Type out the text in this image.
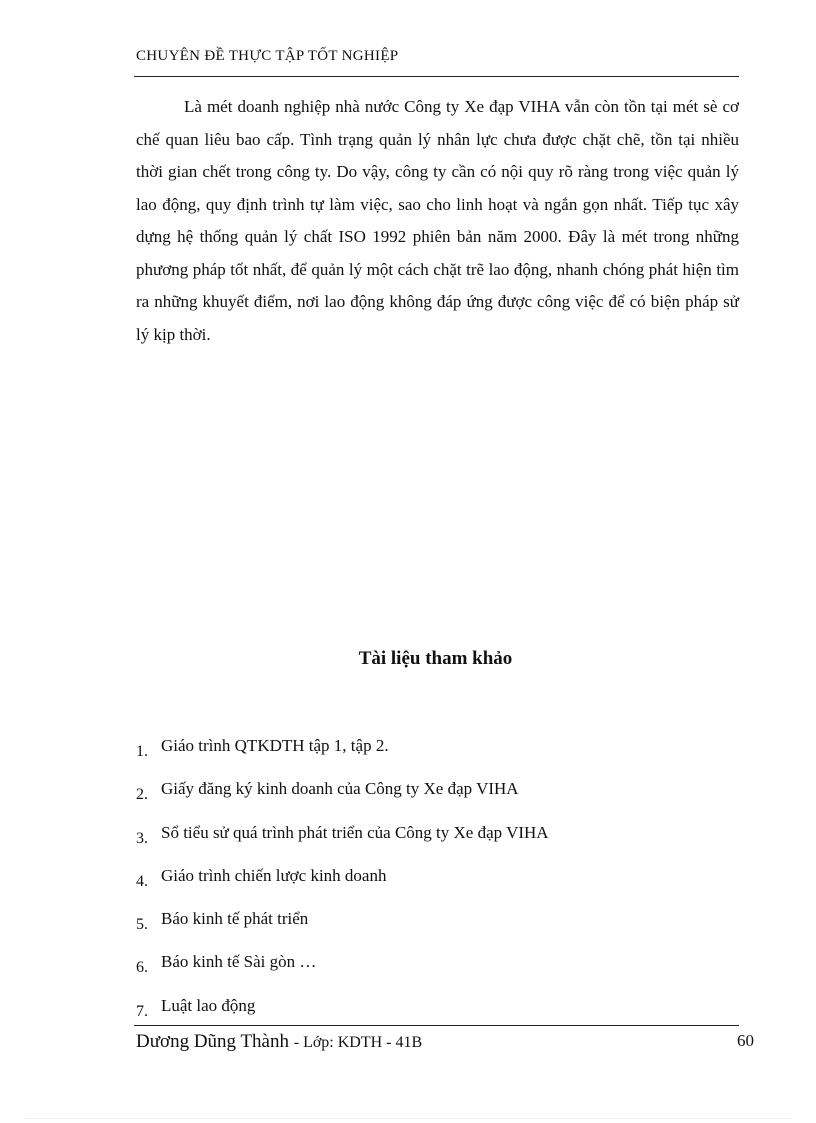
CHUYÊN ĐỀ THỰC TẬP TỐT NGHIỆP

Là mét doanh nghiệp nhà nước Công ty Xe đạp VIHA vẫn còn tồn tại mét sè cơ chế quan liêu bao cấp. Tình trạng quản lý nhân lực chưa được chặt chẽ, tồn tại nhiều thời gian chết trong công ty. Do vậy, công ty cần có nội quy rõ ràng trong việc quản lý lao động, quy định trình tự làm việc, sao cho linh hoạt và ngắn gọn nhất. Tiếp tục xây dựng hệ thống quản lý chất ISO 1992 phiên bản năm 2000. Đây là mét trong những phương pháp tốt nhất, để quản lý một cách chặt trẽ lao động, nhanh chóng phát hiện tìm ra những khuyết điểm, nơi lao động không đáp ứng được công việc để có biện pháp sử lý kịp thời.

Tài liệu tham khảo
1. Giáo trình QTKDTH tập 1, tập 2.
2. Giấy đăng ký kinh doanh của Công ty Xe đạp VIHA
3. Sổ tiểu sử quá trình phát triển của Công ty Xe đạp VIHA
4. Giáo trình chiến lược kinh doanh
5. Báo kinh tế phát triển
6. Báo kinh tế Sài gòn …
7. Luật lao động
Dương Dũng Thành - Lớp: KDTH - 41B	60
